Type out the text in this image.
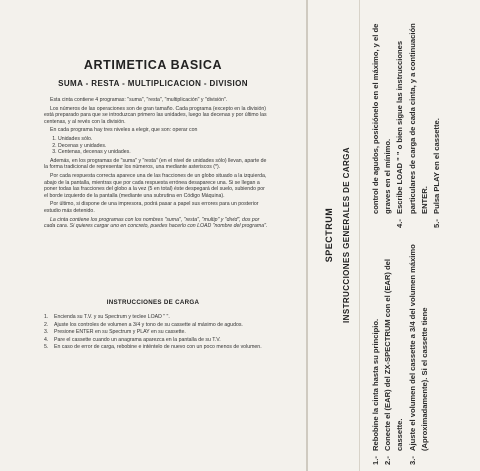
ARTIMETICA BASICA
SUMA - RESTA - MULTIPLICACION - DIVISION

Esta cinta contiene 4 programas: "suma", "resta", "multiplicación" y "división".

Los números de las operaciones son de gran tamaño. Cada programa (excepto en la división) está preparado para que se introduzcan primero las unidades, luego las decenas y por último las centenas, y al revés con la división.

En cada programa hay tres niveles a elegir, que son: operar con

1. Unidades sólo.
2. Decenas y unidades.
3. Centenas, decenas y unidades.

Además, en los programas de "suma" y "resta" (en el nivel de unidades sólo) llevan, aparte de la forma tradicional de representar los números, una mediante asteriscos (*).

Por cada respuesta correcta aparece una de las fracciones de un globo situado a la izquierda, abajo de la pantalla, mientras que por cada respuesta errónea desaparece una. Si se llegan a poner todas las fracciones del globo a la vez (5 en total) éste despegará del suelo, subiendo por el borde izquierdo de la pantalla (mediante una subrutina en Código Máquina).

Por último, si dispone de una impresora, podrá pasar a papel sus errores para un posterior estudio más detenido.

La cinta contiene los programas con los nombres "suma", "resta", "multip" y "divid", dos por cada cara. Si quieres cargar uno en concreto, puedes hacerlo con LOAD "nombre del programa".

INSTRUCCIONES DE CARGA
1.	Encienda su T.V. y su Spectrum y teclee LOAD " ".
2.	Ajuste los controles de volumen a 3/4 y tono de su cassette al máximo de agudos.
3.	Presione ENTER en su Spectrum y PLAY en su cassette.
4.	Pare el cassette cuando un anagrama aparezca en la pantalla de su T.V.
5.	En caso de error de carga, rebobine e inténtelo de nuevo con un poco menos de volumen.
SPECTRUM INSTRUCCIONES GENERALES DE CARGA
1.-
Rebobine la cinta hasta su principio.
2.-
Conecte el (EAR) del ZX-SPECTRUM con el (EAR) del cassette.
3.-
Ajuste el volumen del cassette a 3/4 del volumen máximo (Aproximadamente). Si el cassette tiene
control de agudos, posiciónelo en el máximo, y el de graves en el mínimo.
4.-
Escribe LOAD " " o bien sigue las instrucciones particulares de carga de cada cinta, y a continuación ENTER.
5.-
Pulsa PLAY en el cassette.
